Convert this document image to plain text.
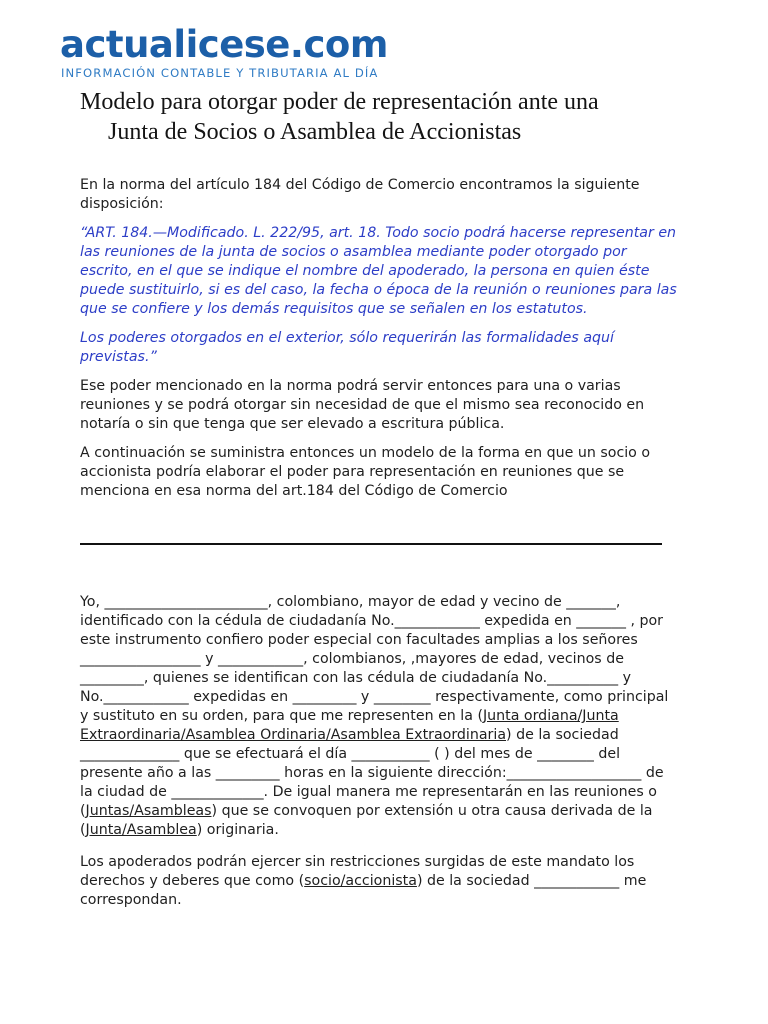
actualicese.com
INFORMACIÓN CONTABLE Y TRIBUTARIA AL DÍA
Modelo para otorgar poder de representación ante una
Junta de Socios o Asamblea de Accionistas

En la norma del artículo 184 del Código de Comercio encontramos la siguiente disposición:

“ART. 184.—Modificado. L. 222/95, art. 18. Todo socio podrá hacerse representar en las reuniones de la junta de socios o asamblea mediante poder otorgado por escrito, en el que se indique el nombre del apoderado, la persona en quien éste puede sustituirlo, si es del caso, la fecha o época de la reunión o reuniones para las que se confiere y los demás requisitos que se señalen en los estatutos.

Los poderes otorgados en el exterior, sólo requerirán las formalidades aquí previstas.”

Ese poder mencionado en la norma podrá servir entonces para una o varias reuniones y se podrá otorgar sin necesidad de que el mismo sea reconocido en notaría o sin que tenga que ser elevado a escritura pública.

A continuación se suministra entonces un modelo de la forma en que un socio o accionista podría elaborar el poder para representación en reuniones que se menciona en esa norma del art.184 del Código de Comercio

Yo, _______________________, colombiano, mayor de edad y vecino de _______, identificado con la cédula de ciudadanía No.____________ expedida en _______ , por este instrumento confiero poder especial con facultades amplias a los señores _________________ y ____________, colombianos, ,mayores de edad, vecinos de _________, quienes se identifican con las cédula de ciudadanía No.__________ y No.____________ expedidas en _________ y ________ respectivamente, como principal y sustituto en su orden, para que me representen en la (Junta ordiana/Junta Extraordinaria/Asamblea Ordinaria/Asamblea Extraordinaria) de la sociedad ______________ que se efectuará el día ___________ ( ) del mes de ________ del presente año a las _________ horas en la siguiente dirección:___________________ de la ciudad de _____________. De igual manera me representarán en las reuniones o (Juntas/Asambleas) que se convoquen por extensión u otra causa derivada de la (Junta/Asamblea) originaria.

Los apoderados podrán ejercer sin restricciones surgidas de este mandato los derechos y deberes que como (socio/accionista) de la sociedad ____________ me correspondan.
